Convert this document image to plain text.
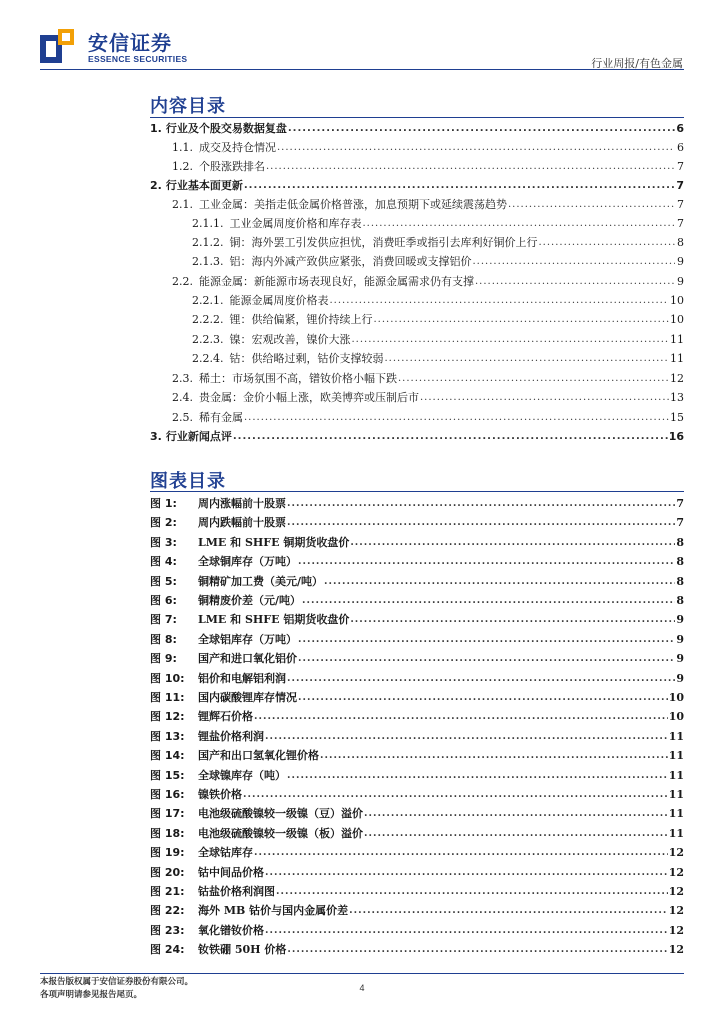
安信证券
ESSENCE SECURITIES	行业周报/有色金属
内容目录
1. 行业及个股交易数据复盘 .....	6
1.1. 成交及持仓情况 .....	6
1.2. 个股涨跌排名 .....	7
2. 行业基本面更新 .....	7
2.1. 工业金属：美指走低金属价格普涨，加息预期下或延续震荡趋势 .....	7
2.1.1. 工业金属周度价格和库存表 .....	7
2.1.2. 铜：海外罢工引发供应担忧，消费旺季或指引去库利好铜价上行 .....	8
2.1.3. 铝：海内外减产致供应紧张，消费回暖或支撑铝价 .....	9
2.2. 能源金属：新能源市场表现良好，能源金属需求仍有支撑 .....	9
2.2.1. 能源金属周度价格表 .....	10
2.2.2. 锂：供给偏紧，锂价持续上行 .....	10
2.2.3. 镍：宏观改善，镍价大涨 .....	11
2.2.4. 钴：供给略过剩，钴价支撑较弱 .....	11
2.3. 稀土：市场氛围不高，镨钕价格小幅下跌 .....	12
2.4. 贵金属：金价小幅上涨，欧美博弈或压制后市 .....	13
2.5. 稀有金属 .....	15
3. 行业新闻点评 .....	16
图表目录
图 1:	周内涨幅前十股票 .....	7
图 2:	周内跌幅前十股票 .....	7
图 3:	LME 和 SHFE 铜期货收盘价 .....	8
图 4:	全球铜库存（万吨） .....	8
图 5:	铜精矿加工费（美元/吨） .....	8
图 6:	铜精废价差（元/吨） .....	8
图 7:	LME 和 SHFE 铝期货收盘价 .....	9
图 8:	全球铝库存（万吨） .....	9
图 9:	国产和进口氧化铝价 .....	9
图 10:	铝价和电解铝利润 .....	9
图 11:	国内碳酸锂库存情况 .....	10
图 12:	锂辉石价格 .....	10
图 13:	锂盐价格利润 .....	11
图 14:	国产和出口氢氧化锂价格 .....	11
图 15:	全球镍库存（吨） .....	11
图 16:	镍铁价格 .....	11
图 17:	电池级硫酸镍较一级镍（豆）溢价 .....	11
图 18:	电池级硫酸镍较一级镍（板）溢价 .....	11
图 19:	全球钴库存 .....	12
图 20:	钴中间品价格 .....	12
图 21:	钴盐价格利润图 .....	12
图 22:	海外 MB 钴价与国内金属价差 .....	12
图 23:	氧化镨钕价格 .....	12
图 24:	钕铁硼 50H 价格 .....	12
本报告版权属于安信证券股份有限公司。
各项声明请参见报告尾页。
4
